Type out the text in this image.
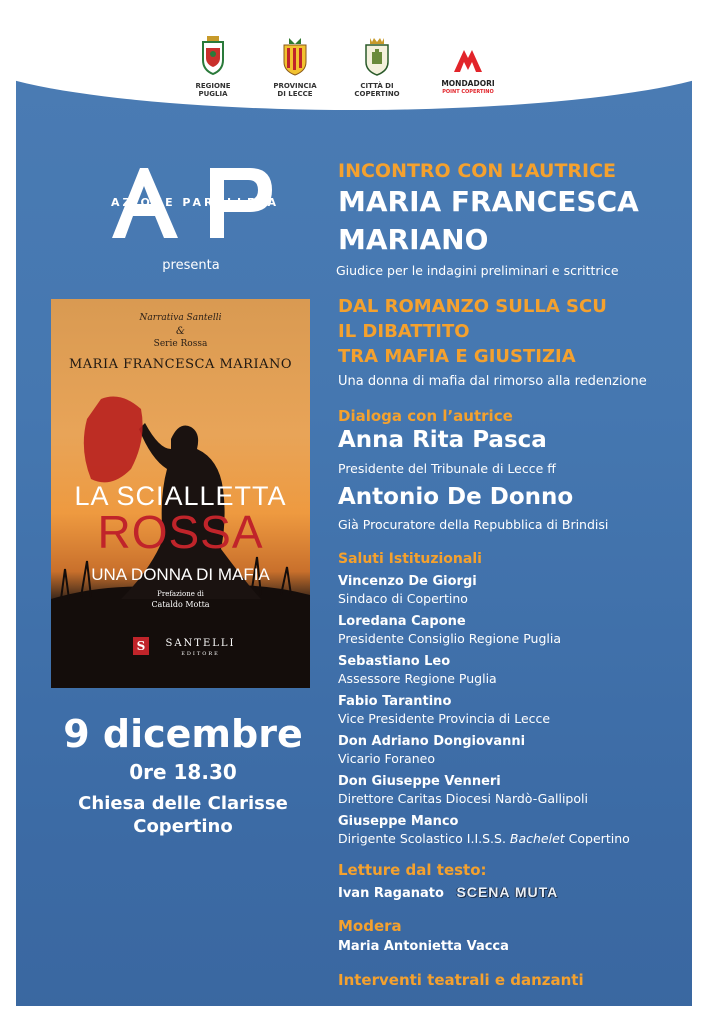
REGIONE
PUGLIA
PROVINCIA
DI LECCE
CITTÀ DI
COPERTINO
MONDADORI
POINT COPERTINO
AZIONE PARALLELA
presenta
Narrativa Santelli
&
Serie Rossa
MARIA FRANCESCA MARIANO
LA SCIALLETTA
ROSSA
UNA DONNA DI MAFIA
Prefazione di
Cataldo Motta
S	SANTELLI
EDITORE
9 dicembre
0re 18.30
Chiesa delle Clarisse
Copertino
INCONTRO CON L’AUTRICE
MARIA FRANCESCA
MARIANO
Giudice per le indagini preliminari e scrittrice
DAL ROMANZO SULLA SCU
IL DIBATTITO
TRA MAFIA E GIUSTIZIA
Una donna di mafia dal rimorso alla redenzione
Dialoga con l’autrice
Anna Rita Pasca
Presidente del Tribunale di Lecce ff
Antonio De Donno
Già Procuratore della Repubblica di Brindisi
Saluti Istituzionali
Vincenzo De Giorgi
Sindaco di Copertino
Loredana Capone
Presidente Consiglio Regione Puglia
Sebastiano Leo
Assessore Regione Puglia
Fabio Tarantino
Vice Presidente Provincia di Lecce
Don Adriano Dongiovanni
Vicario Foraneo
Don Giuseppe Venneri
Direttore Caritas Diocesi Nardò-Gallipoli
Giuseppe Manco
Dirigente Scolastico I.I.S.S. Bachelet Copertino
Letture dal testo:
Ivan Raganato SCENA MUTA
Modera
Maria Antonietta Vacca
Interventi teatrali e danzanti
